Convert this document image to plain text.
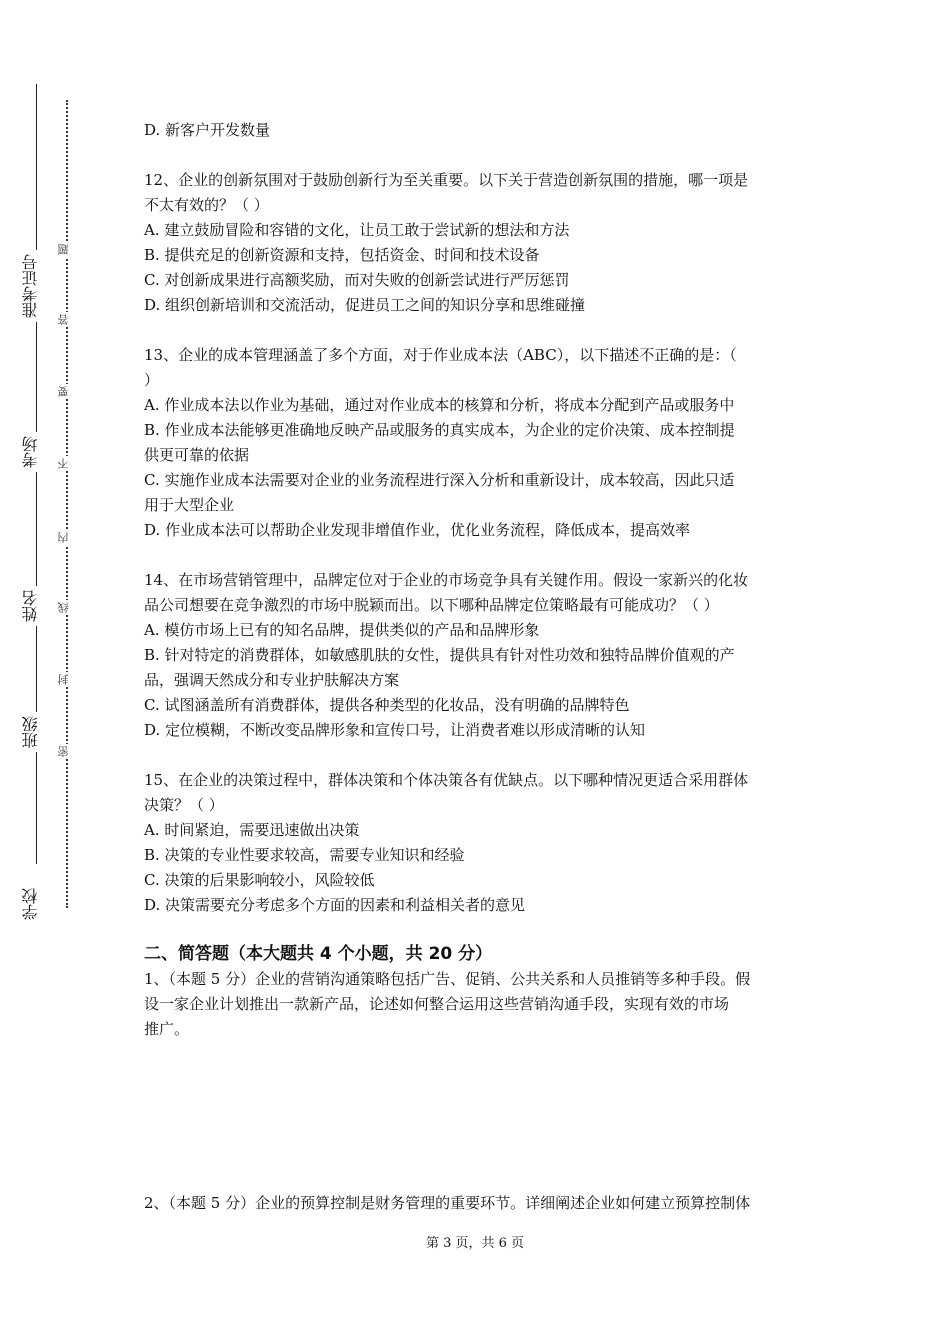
准考证号
考场
姓名
班级
学校
题
答
要
不
内
线
封
密
D. 新客户开发数量
12、企业的创新氛围对于鼓励创新行为至关重要。以下关于营造创新氛围的措施，哪一项是
不太有效的？（ ）
A. 建立鼓励冒险和容错的文化，让员工敢于尝试新的想法和方法
B. 提供充足的创新资源和支持，包括资金、时间和技术设备
C. 对创新成果进行高额奖励，而对失败的创新尝试进行严厉惩罚
D. 组织创新培训和交流活动，促进员工之间的知识分享和思维碰撞
13、企业的成本管理涵盖了多个方面，对于作业成本法（ABC），以下描述不正确的是：（
）
A. 作业成本法以作业为基础，通过对作业成本的核算和分析，将成本分配到产品或服务中
B. 作业成本法能够更准确地反映产品或服务的真实成本，为企业的定价决策、成本控制提
供更可靠的依据
C. 实施作业成本法需要对企业的业务流程进行深入分析和重新设计，成本较高，因此只适
用于大型企业
D. 作业成本法可以帮助企业发现非增值作业，优化业务流程，降低成本，提高效率
14、在市场营销管理中，品牌定位对于企业的市场竞争具有关键作用。假设一家新兴的化妆
品公司想要在竞争激烈的市场中脱颖而出。以下哪种品牌定位策略最有可能成功？（ ）
A. 模仿市场上已有的知名品牌，提供类似的产品和品牌形象
B. 针对特定的消费群体，如敏感肌肤的女性，提供具有针对性功效和独特品牌价值观的产
品，强调天然成分和专业护肤解决方案
C. 试图涵盖所有消费群体，提供各种类型的化妆品，没有明确的品牌特色
D. 定位模糊，不断改变品牌形象和宣传口号，让消费者难以形成清晰的认知
15、在企业的决策过程中，群体决策和个体决策各有优缺点。以下哪种情况更适合采用群体
决策？（ ）
A. 时间紧迫，需要迅速做出决策
B. 决策的专业性要求较高，需要专业知识和经验
C. 决策的后果影响较小，风险较低
D. 决策需要充分考虑多个方面的因素和利益相关者的意见
二、简答题（本大题共 4 个小题，共 20 分）
1、（本题 5 分）企业的营销沟通策略包括广告、促销、公共关系和人员推销等多种手段。假
设一家企业计划推出一款新产品，论述如何整合运用这些营销沟通手段，实现有效的市场
推广。
2、（本题 5 分）企业的预算控制是财务管理的重要环节。详细阐述企业如何建立预算控制体
第 3 页，共 6 页
